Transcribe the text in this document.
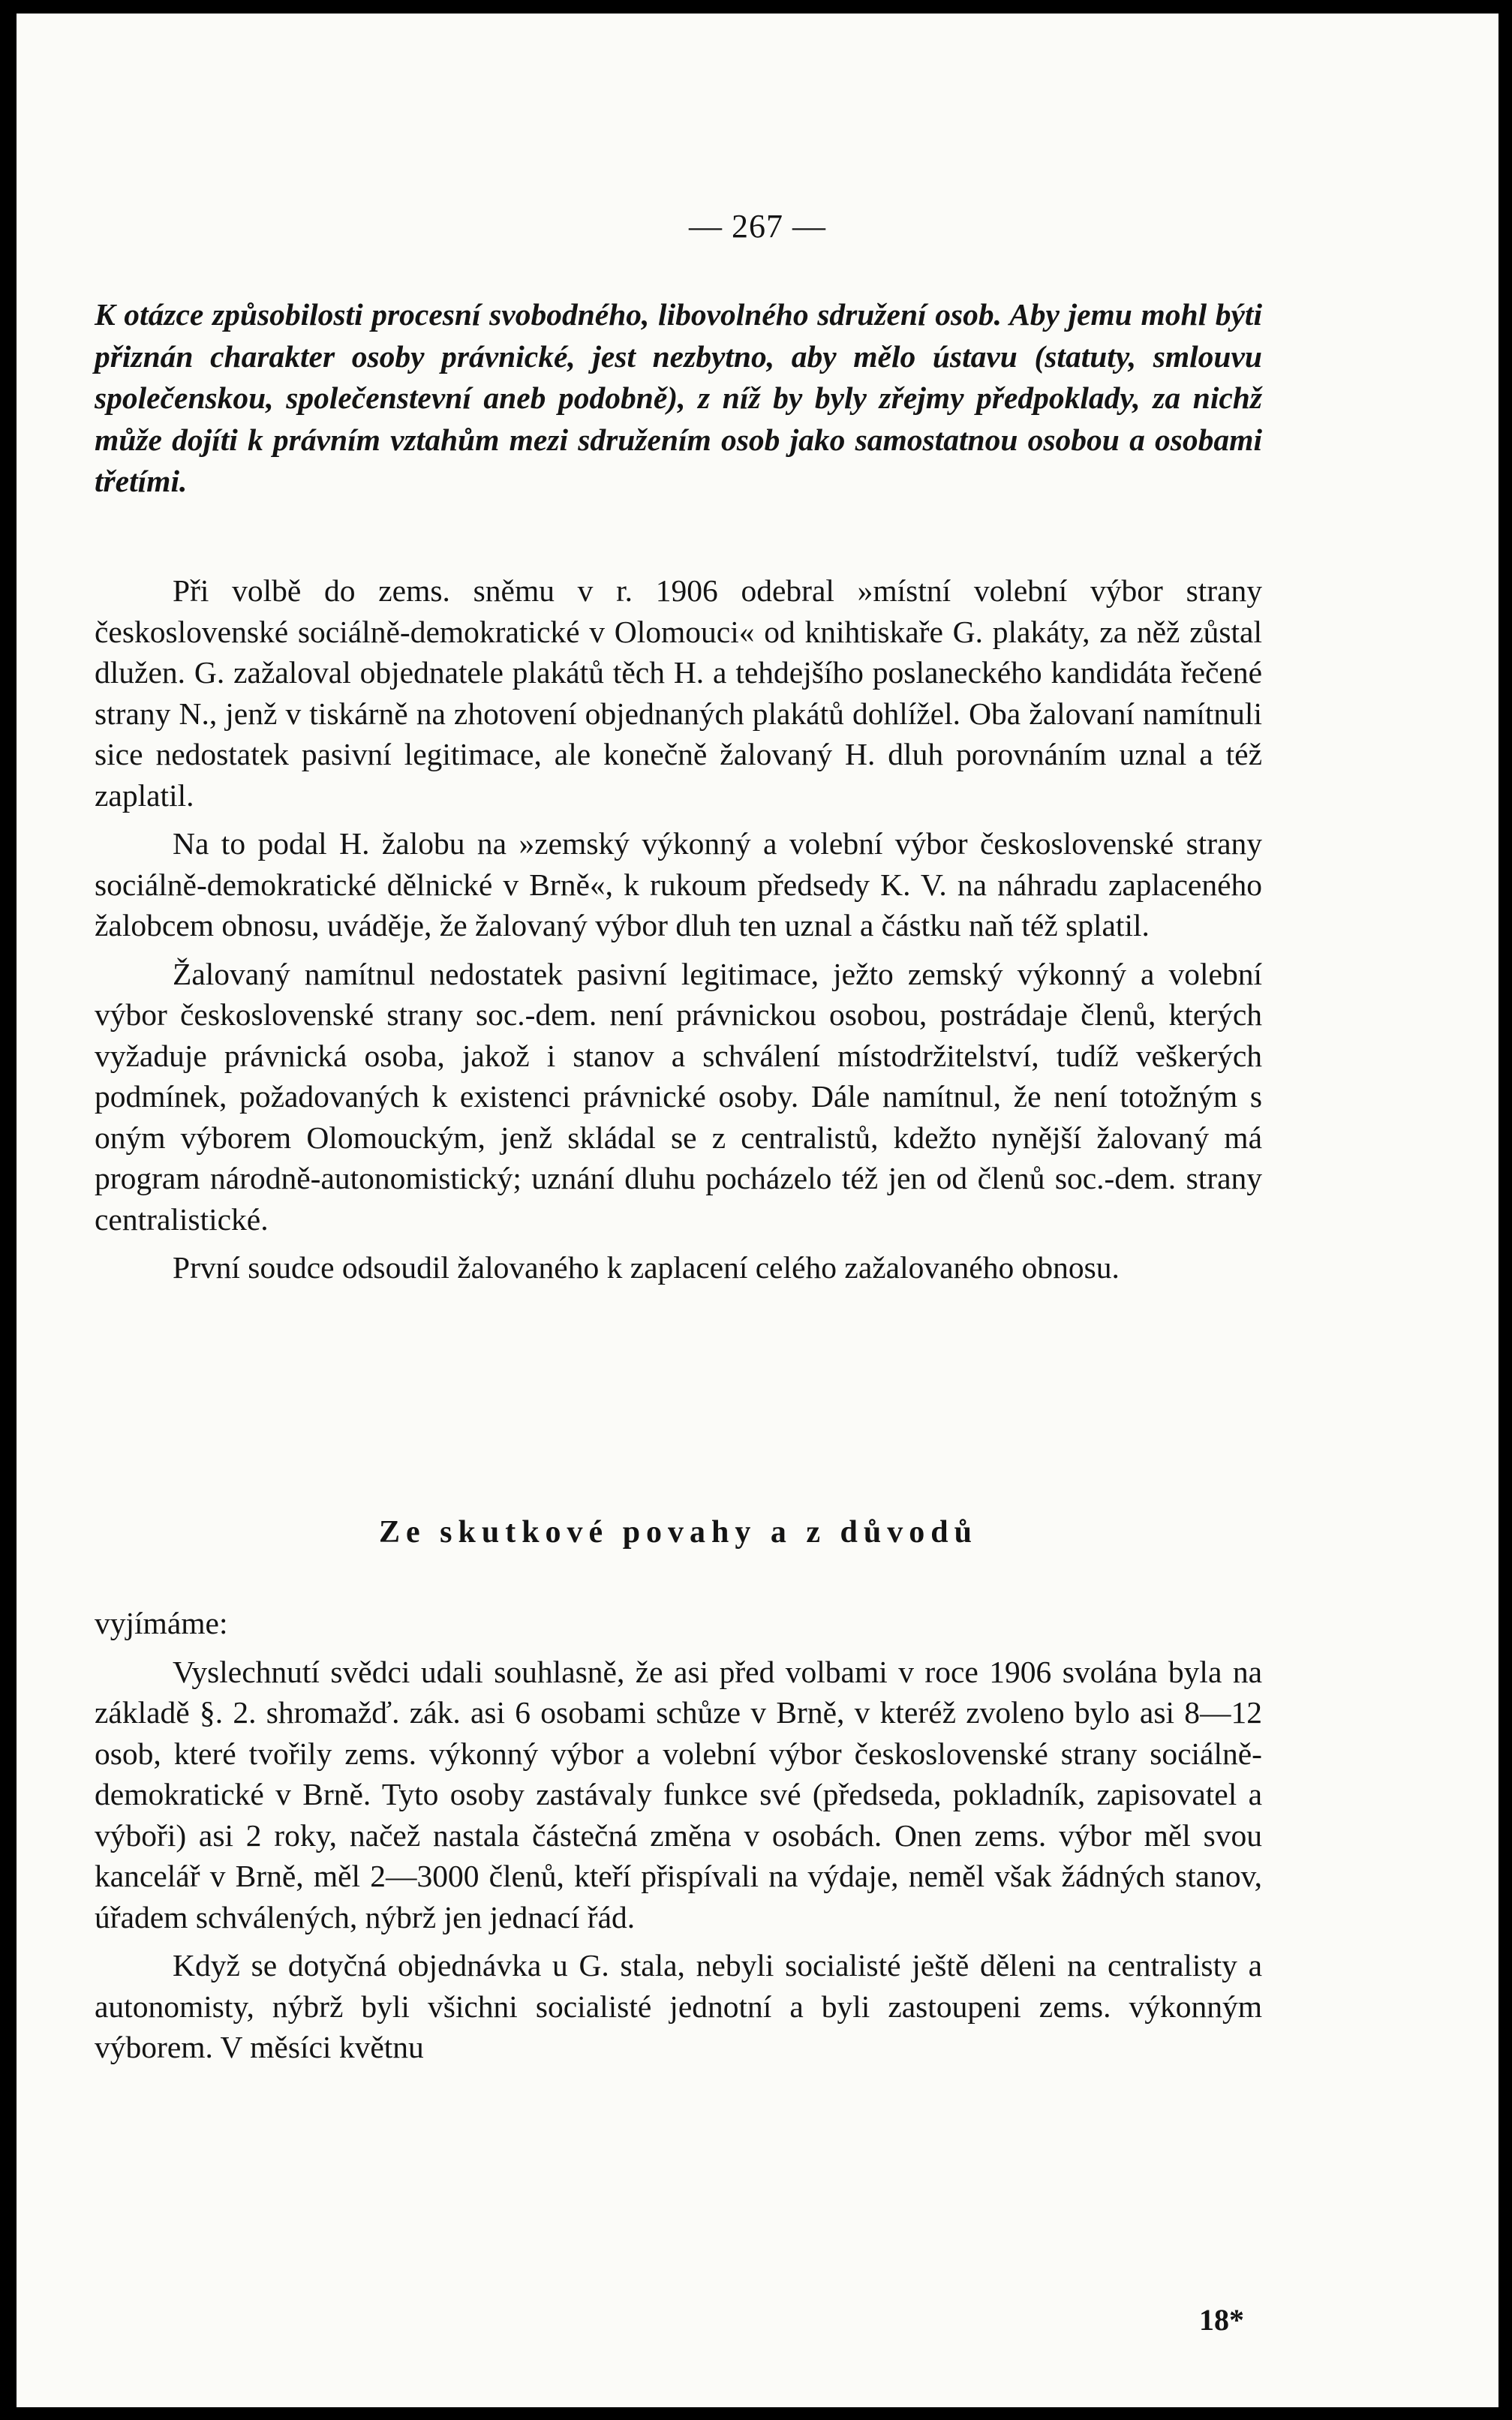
— 267 —
K otázce způsobilosti procesní svobodného, libovolného sdružení osob. Aby jemu mohl býti přiznán charakter osoby právnické, jest nezbytno, aby mělo ústavu (statuty, smlouvu společenskou, společenstevní aneb podobně), z níž by byly zřejmy předpoklady, za nichž může dojíti k právním vztahům mezi sdružením osob jako samostatnou osobou a osobami třetími.

Při volbě do zems. sněmu v r. 1906 odebral »místní volební výbor strany československé sociálně-demokratické v Olomouci« od knihtiskaře G. plakáty, za něž zůstal dlužen. G. zažaloval objednatele plakátů těch H. a tehdejšího poslaneckého kandidáta řečené strany N., jenž v tiskárně na zhotovení objednaných plakátů dohlížel. Oba žalovaní namítnuli sice nedostatek pasivní legitimace, ale konečně žalovaný H. dluh porovnáním uznal a též zaplatil.

Na to podal H. žalobu na »zemský výkonný a volební výbor československé strany sociálně-demokratické dělnické v Brně«, k rukoum předsedy K. V. na náhradu zaplaceného žalobcem obnosu, uváděje, že žalovaný výbor dluh ten uznal a částku naň též splatil.

Žalovaný namítnul nedostatek pasivní legitimace, ježto zemský výkonný a volební výbor československé strany soc.-dem. není právnickou osobou, postrádaje členů, kterých vyžaduje právnická osoba, jakož i stanov a schválení místodržitelství, tudíž veškerých podmínek, požadovaných k existenci právnické osoby. Dále namítnul, že není totožným s oným výborem Olomouckým, jenž skládal se z centralistů, kdežto nynější žalovaný má program národně-autonomistický; uznání dluhu pocházelo též jen od členů soc.-dem. strany centralistické.

První soudce odsoudil žalovaného k zaplacení celého zažalovaného obnosu.

Ze skutkové povahy a z důvodů

vyjímáme:

Vyslechnutí svědci udali souhlasně, že asi před volbami v roce 1906 svolána byla na základě §. 2. shromažď. zák. asi 6 osobami schůze v Brně, v kteréž zvoleno bylo asi 8—12 osob, které tvořily zems. výkonný výbor a volební výbor československé strany sociálně-demokratické v Brně. Tyto osoby zastávaly funkce své (předseda, pokladník, zapisovatel a výboři) asi 2 roky, načež nastala částečná změna v osobách. Onen zems. výbor měl svou kancelář v Brně, měl 2—3000 členů, kteří přispívali na výdaje, neměl však žádných stanov, úřadem schválených, nýbrž jen jednací řád.

Když se dotyčná objednávka u G. stala, nebyli socialisté ještě děleni na centralisty a autonomisty, nýbrž byli všichni socialisté jednotní a byli zastoupeni zems. výkonným výborem. V měsíci květnu

18*
